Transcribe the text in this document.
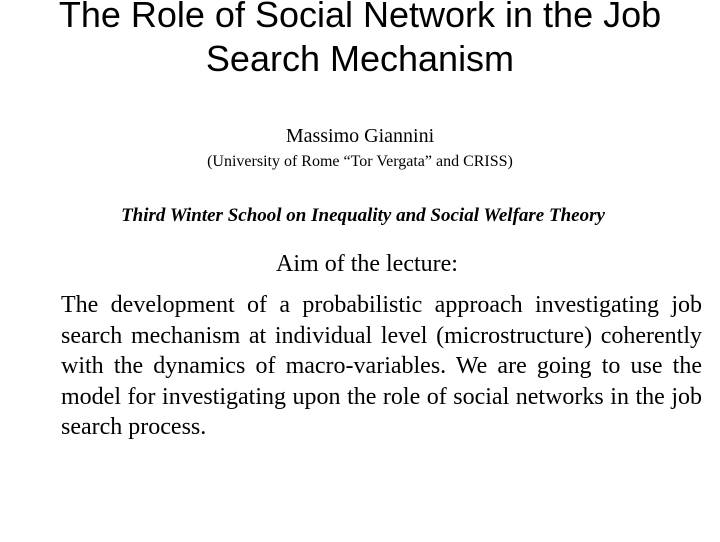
The Role of Social Network in the Job Search Mechanism
Massimo Giannini
(University of Rome “Tor Vergata” and CRISS)
Third Winter School on Inequality and Social Welfare Theory
Aim of the lecture:

The development of a probabilistic approach investigating job search mechanism at individual level (microstructure) coherently with the dynamics of macro-variables. We are going to use the model for investigating upon the role of social networks in the job search process.
